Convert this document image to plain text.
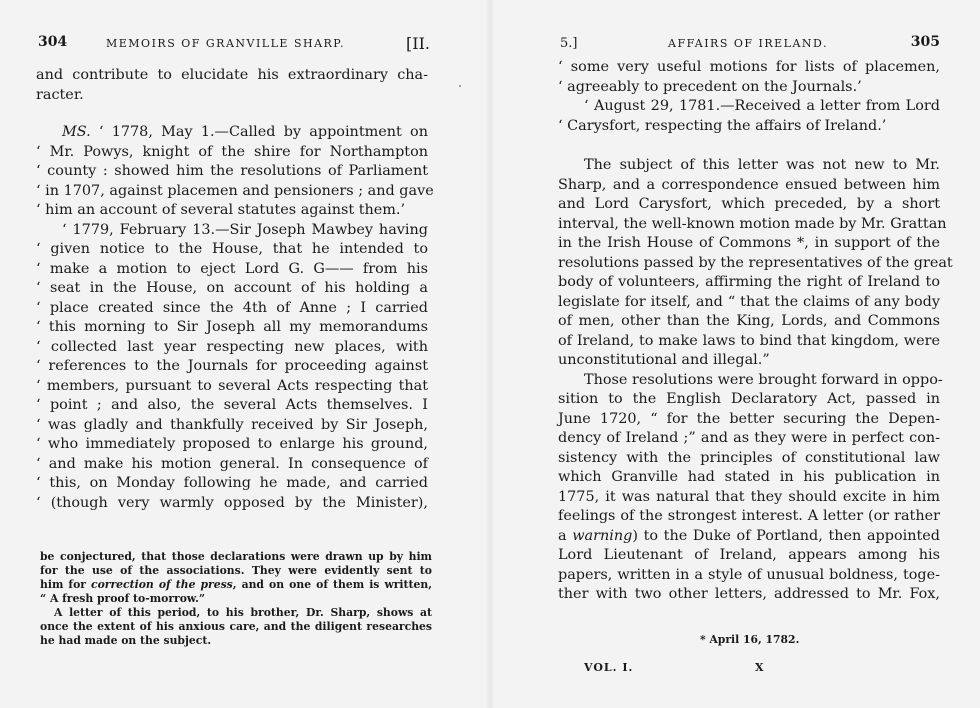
304	MEMOIRS OF GRANVILLE SHARP.	[II.
and contribute to elucidate his extraordinary cha-
racter.
MS. ‘ 1778, May 1.—Called by appointment on
‘ Mr. Powys, knight of the shire for Northampton
‘ county : showed him the resolutions of Parliament
‘ in 1707, against placemen and pensioners ; and gave
‘ him an account of several statutes against them.’
‘ 1779, February 13.—Sir Joseph Mawbey having
‘ given notice to the House, that he intended to
‘ make a motion to eject Lord G. G—— from his
‘ seat in the House, on account of his holding a
‘ place created since the 4th of Anne ; I carried
‘ this morning to Sir Joseph all my memorandums
‘ collected last year respecting new places, with
‘ references to the Journals for proceeding against
‘ members, pursuant to several Acts respecting that
‘ point ; and also, the several Acts themselves. I
‘ was gladly and thankfully received by Sir Joseph,
‘ who immediately proposed to enlarge his ground,
‘ and make his motion general. In consequence of
‘ this, on Monday following he made, and carried
‘ (though very warmly opposed by the Minister),
be conjectured, that those declarations were drawn up by him
for the use of the associations. They were evidently sent to
him for correction of the press, and on one of them is written,
“ A fresh proof to-morrow.”
A letter of this period, to his brother, Dr. Sharp, shows at
once the extent of his anxious care, and the diligent researches
he had made on the subject.
5.]	AFFAIRS OF IRELAND.	305
‘ some very useful motions for lists of placemen,
‘ agreeably to precedent on the Journals.’
‘ August 29, 1781.—Received a letter from Lord
‘ Carysfort, respecting the affairs of Ireland.’
The subject of this letter was not new to Mr.
Sharp, and a correspondence ensued between him
and Lord Carysfort, which preceded, by a short
interval, the well-known motion made by Mr. Grattan
in the Irish House of Commons *, in support of the
resolutions passed by the representatives of the great
body of volunteers, affirming the right of Ireland to
legislate for itself, and “ that the claims of any body
of men, other than the King, Lords, and Commons
of Ireland, to make laws to bind that kingdom, were
unconstitutional and illegal.”
Those resolutions were brought forward in oppo-
sition to the English Declaratory Act, passed in
June 1720, “ for the better securing the Depen-
dency of Ireland ;” and as they were in perfect con-
sistency with the principles of constitutional law
which Granville had stated in his publication in
1775, it was natural that they should excite in him
feelings of the strongest interest. A letter (or rather
a warning) to the Duke of Portland, then appointed
Lord Lieutenant of Ireland, appears among his
papers, written in a style of unusual boldness, toge-
ther with two other letters, addressed to Mr. Fox,
* April 16, 1782.
VOL. I.	X
